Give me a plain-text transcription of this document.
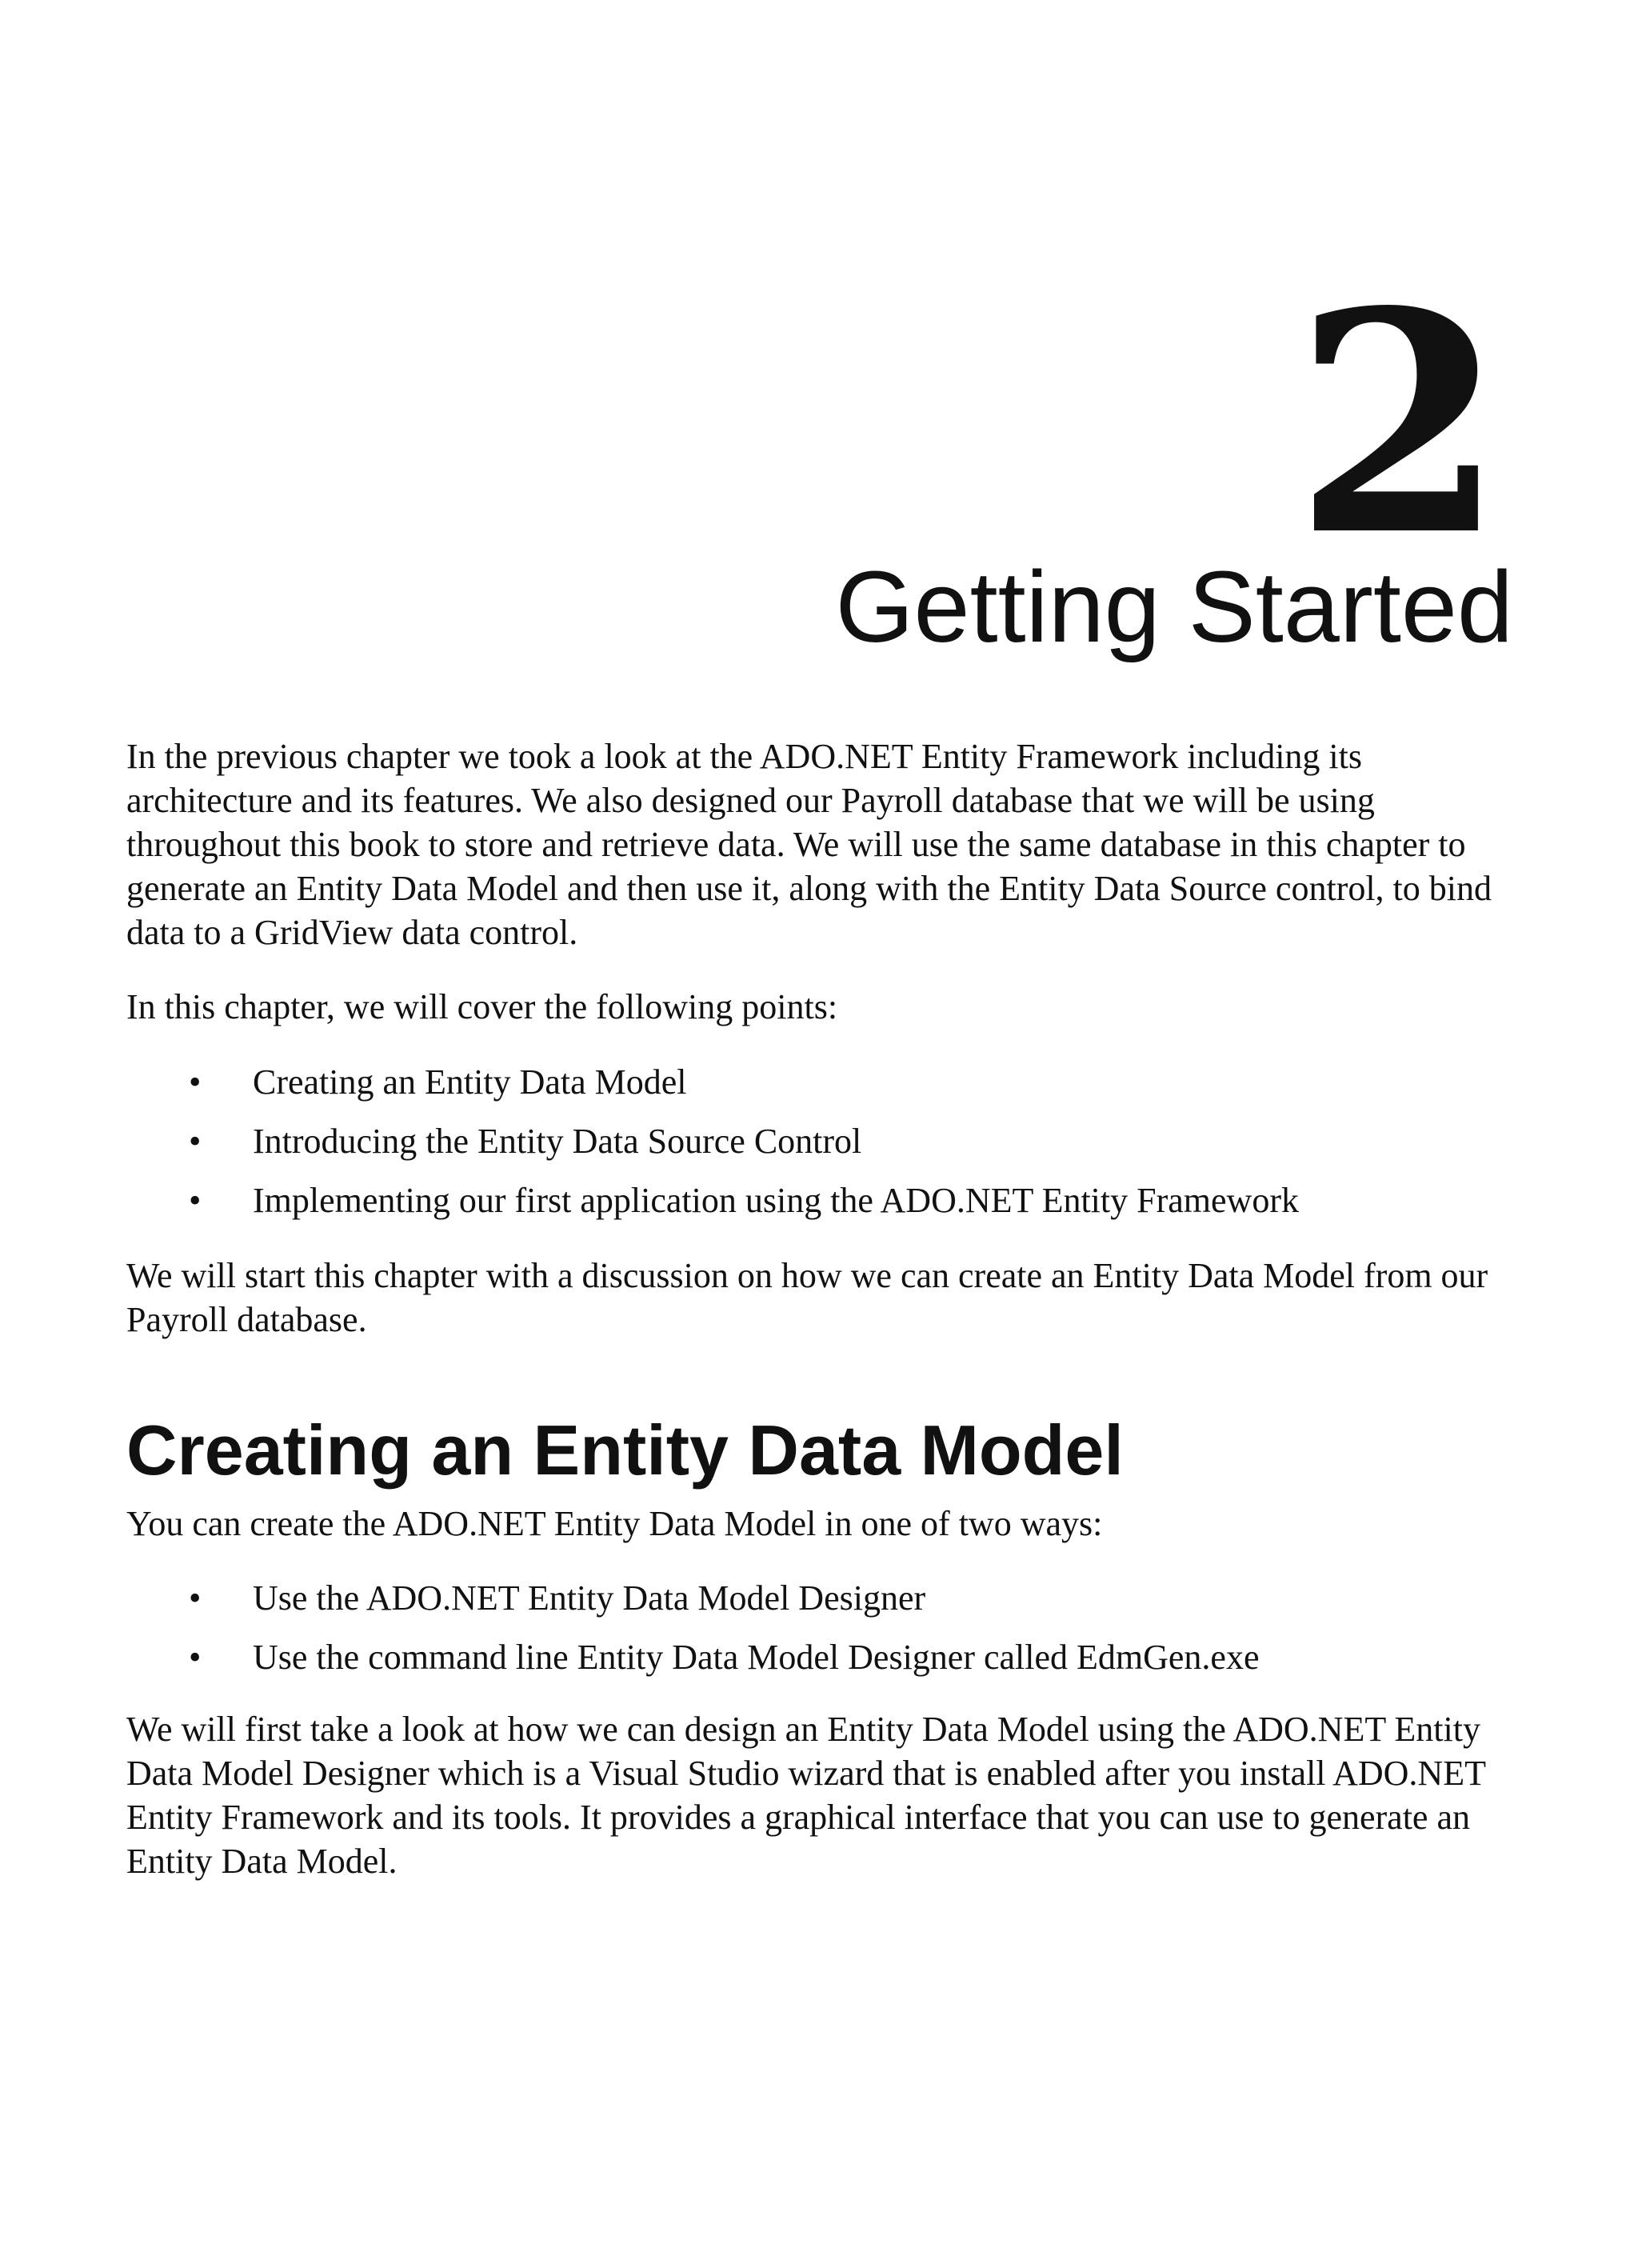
2
Getting Started

In the previous chapter we took a look at the ADO.NET Entity Framework including its architecture and its features. We also designed our Payroll database that we will be using throughout this book to store and retrieve data. We will use the same database in this chapter to generate an Entity Data Model and then use it, along with the Entity Data Source control, to bind data to a GridView data control.

In this chapter, we will cover the following points:

• Creating an Entity Data Model
• Introducing the Entity Data Source Control
• Implementing our first application using the ADO.NET Entity Framework

We will start this chapter with a discussion on how we can create an Entity Data Model from our Payroll database.

Creating an Entity Data Model

You can create the ADO.NET Entity Data Model in one of two ways:

• Use the ADO.NET Entity Data Model Designer
• Use the command line Entity Data Model Designer called EdmGen.exe

We will first take a look at how we can design an Entity Data Model using the ADO.NET Entity Data Model Designer which is a Visual Studio wizard that is enabled after you install ADO.NET Entity Framework and its tools. It provides a graphical interface that you can use to generate an Entity Data Model.
